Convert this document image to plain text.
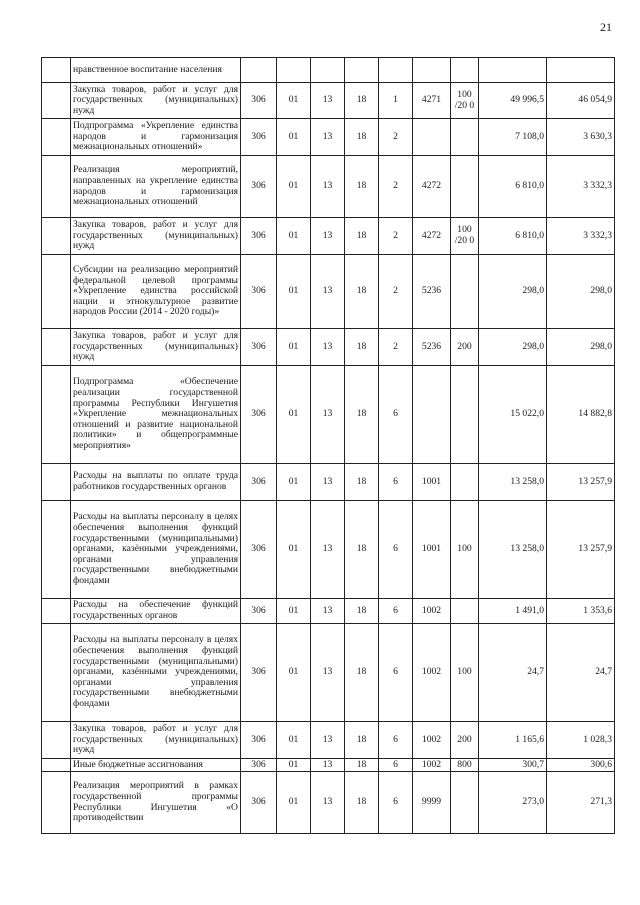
21
	нравственное воспитание населения									
	Закупка товаров, работ и услуг для государственных (муниципальных) нужд	306	01	13	18	1	4271	100 /20 0	49 996,5	46 054,9
	Подпрограмма «Укрепление единства народов и гармонизация межнациональных отношений»	306	01	13	18	2			7 108,0	3 630,3
	Реализация мероприятий, направленных на укрепление единства народов и гармонизация межнациональных отношений	306	01	13	18	2	4272		6 810,0	3 332,3
	Закупка товаров, работ и услуг для государственных (муниципальных) нужд	306	01	13	18	2	4272	100 /20 0	6 810,0	3 332,3
	Субсидии на реализацию мероприятий федеральной целевой программы «Укрепление единства российской нации и этнокультурное развитие народов России (2014 - 2020 годы)»	306	01	13	18	2	5236		298,0	298,0
	Закупка товаров, работ и услуг для государственных (муниципальных) нужд	306	01	13	18	2	5236	200	298,0	298,0
	Подпрограмма «Обеспечение реализации государственной программы Республики Ингушетия «Укрепление межнациональных отношений и развитие национальной политики» и общепрограммные мероприятия»	306	01	13	18	6			15 022,0	14 882,8
	Расходы на выплаты по оплате труда работников государственных органов	306	01	13	18	6	1001		13 258,0	13 257,9
	Расходы на выплаты персоналу в целях обеспечения выполнения функций государственными (муниципальными) органами, казёнными учреждениями, органами управления государственными внебюджетными фондами	306	01	13	18	6	1001	100	13 258,0	13 257,9
	Расходы на обеспечение функций государственных органов	306	01	13	18	6	1002		1 491,0	1 353,6
	Расходы на выплаты персоналу в целях обеспечения выполнения функций государственными (муниципальными) органами, казёнными учреждениями, органами управления государственными внебюджетными фондами	306	01	13	18	6	1002	100	24,7	24,7
	Закупка товаров, работ и услуг для государственных (муниципальных) нужд	306	01	13	18	6	1002	200	1 165,6	1 028,3
	Иные бюджетные ассигнования	306	01	13	18	6	1002	800	300,7	300,6
	Реализация мероприятий в рамках государственной программы Республики Ингушетия «О противодействии	306	01	13	18	6	9999		273,0	271,3
